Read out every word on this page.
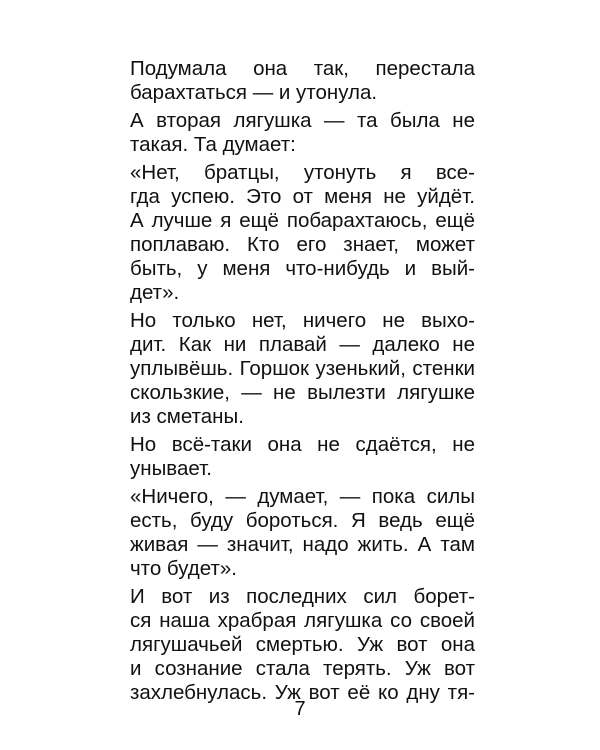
Подумала она так, перестала
барахтаться — и утонула.
А вторая лягушка — та была не
такая. Та думает:
«Нет, братцы, утонуть я все-
гда успею. Это от меня не уйдёт.
А лучше я ещё побарахтаюсь, ещё
поплаваю. Кто его знает, может
быть, у меня что-нибудь и вый-
дет».
Но только нет, ничего не выхо-
дит. Как ни плавай — далеко не
уплывёшь. Горшок узенький, стенки
скользкие, — не вылезти лягушке
из сметаны.
Но всё-таки она не сдаётся, не
унывает.
«Ничего, — думает, — пока силы
есть, буду бороться. Я ведь ещё
живая — значит, надо жить. А там
что будет».
И вот из последних сил борет-
ся наша храбрая лягушка со своей
лягушачьей смертью. Уж вот она
и сознание стала терять. Уж вот
захлебнулась. Уж вот её ко дну тя-
7
